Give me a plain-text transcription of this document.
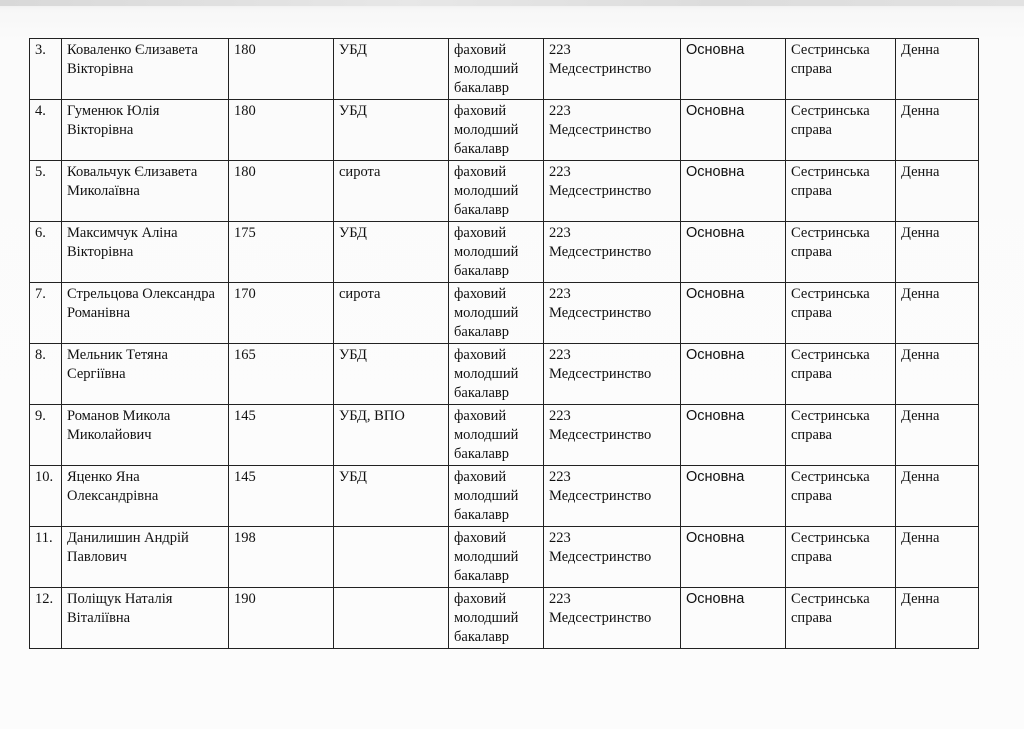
3.	Коваленко Єлизавета Вікторівна	180	УБД	фаховий молодший бакалавр	223 Медсестринство	Основна	Сестринська справа	Денна
4.	Гуменюк Юлія Вікторівна	180	УБД	фаховий молодший бакалавр	223 Медсестринство	Основна	Сестринська справа	Денна
5.	Ковальчук Єлизавета Миколаївна	180	сирота	фаховий молодший бакалавр	223 Медсестринство	Основна	Сестринська справа	Денна
6.	Максимчук Аліна Вікторівна	175	УБД	фаховий молодший бакалавр	223 Медсестринство	Основна	Сестринська справа	Денна
7.	Стрельцова Олександра Романівна	170	сирота	фаховий молодший бакалавр	223 Медсестринство	Основна	Сестринська справа	Денна
8.	Мельник Тетяна Сергіївна	165	УБД	фаховий молодший бакалавр	223 Медсестринство	Основна	Сестринська справа	Денна
9.	Романов Микола Миколайович	145	УБД, ВПО	фаховий молодший бакалавр	223 Медсестринство	Основна	Сестринська справа	Денна
10.	Яценко Яна Олександрівна	145	УБД	фаховий молодший бакалавр	223 Медсестринство	Основна	Сестринська справа	Денна
11.	Данилишин Андрій Павлович	198		фаховий молодший бакалавр	223 Медсестринство	Основна	Сестринська справа	Денна
12.	Поліщук Наталія Віталіївна	190		фаховий молодший бакалавр	223 Медсестринство	Основна	Сестринська справа	Денна
